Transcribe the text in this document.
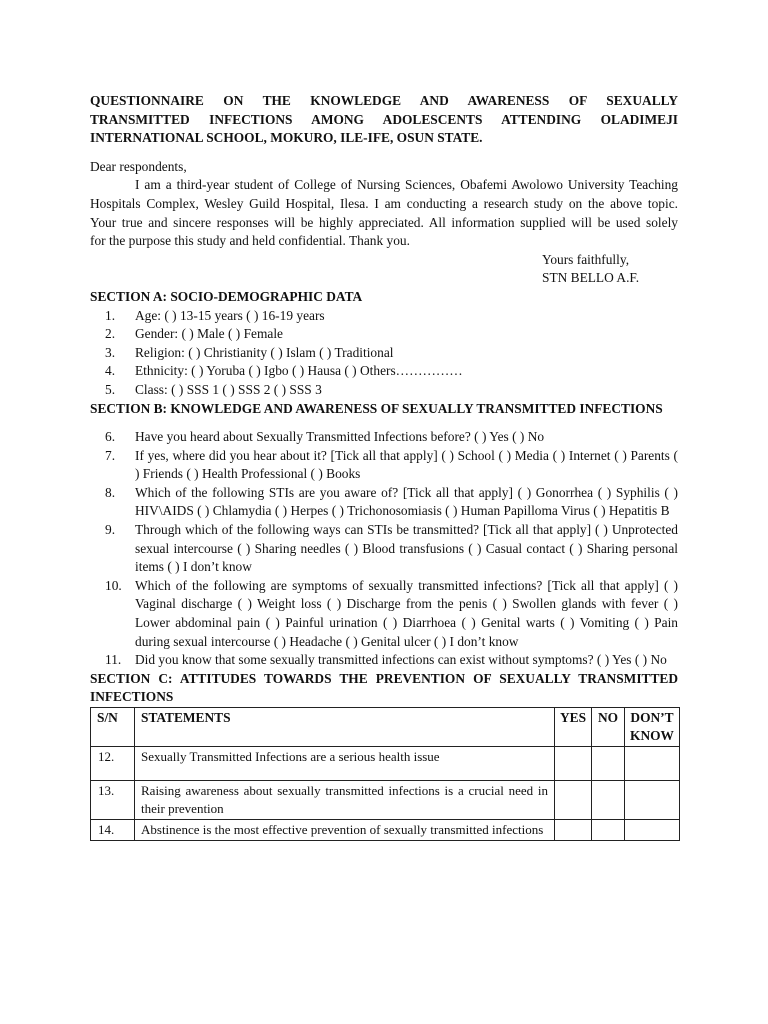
QUESTIONNAIRE ON THE KNOWLEDGE AND AWARENESS OF SEXUALLY
TRANSMITTED INFECTIONS AMONG ADOLESCENTS ATTENDING OLADIMEJI
INTERNATIONAL SCHOOL, MOKURO, ILE-IFE, OSUN STATE.
Dear respondents,

I am a third-year student of College of Nursing Sciences, Obafemi Awolowo University Teaching

Hospitals Complex, Wesley Guild Hospital, Ilesa. I am conducting a research study on the above topic.

Your true and sincere responses will be highly appreciated. All information supplied will be used solely

for the purpose this study and held confidential. Thank you.

Yours faithfully,
STN BELLO A.F.
SECTION A: SOCIO-DEMOGRAPHIC DATA
1.	Age: ( ) 13-15 years ( ) 16-19 years
2.	Gender: ( ) Male ( ) Female
3.	Religion: ( ) Christianity ( ) Islam ( ) Traditional
4.	Ethnicity: ( ) Yoruba ( ) Igbo ( ) Hausa ( ) Others……………
5.	Class: ( ) SSS 1 ( ) SSS 2 ( ) SSS 3
SECTION B: KNOWLEDGE AND AWARENESS OF SEXUALLY TRANSMITTED INFECTIONS
6.	Have you heard about Sexually Transmitted Infections before? ( ) Yes ( ) No
7.	If yes, where did you hear about it? [Tick all that apply] ( ) School ( ) Media ( ) Internet ( ) Parents ( ) Friends ( ) Health Professional ( ) Books
8.	Which of the following STIs are you aware of? [Tick all that apply] ( ) Gonorrhea ( ) Syphilis ( ) HIV\AIDS ( ) Chlamydia ( ) Herpes ( ) Trichonosomiasis ( ) Human Papilloma Virus ( ) Hepatitis B
9.	Through which of the following ways can STIs be transmitted? [Tick all that apply] ( ) Unprotected sexual intercourse ( ) Sharing needles ( ) Blood transfusions ( ) Casual contact ( ) Sharing personal items ( ) I don’t know
10. Which of the following are symptoms of sexually transmitted infections? [Tick all that apply] ( ) Vaginal discharge ( ) Weight loss ( ) Discharge from the penis ( ) Swollen glands with fever ( ) Lower abdominal pain ( ) Painful urination ( ) Diarrhoea ( ) Genital warts ( ) Vomiting ( ) Pain during sexual intercourse ( ) Headache ( ) Genital ulcer ( ) I don’t know
11.	Did you know that some sexually transmitted infections can exist without symptoms? ( ) Yes ( ) No
SECTION C: ATTITUDES TOWARDS THE PREVENTION OF SEXUALLY TRANSMITTED INFECTIONS
S/N	STATEMENTS	YES	NO	DON’T KNOW
12.	Sexually Transmitted Infections are a serious health issue			
13.	Raising awareness about sexually transmitted infections is a crucial need in their prevention			
14.	Abstinence is the most effective prevention of sexually transmitted infections			
